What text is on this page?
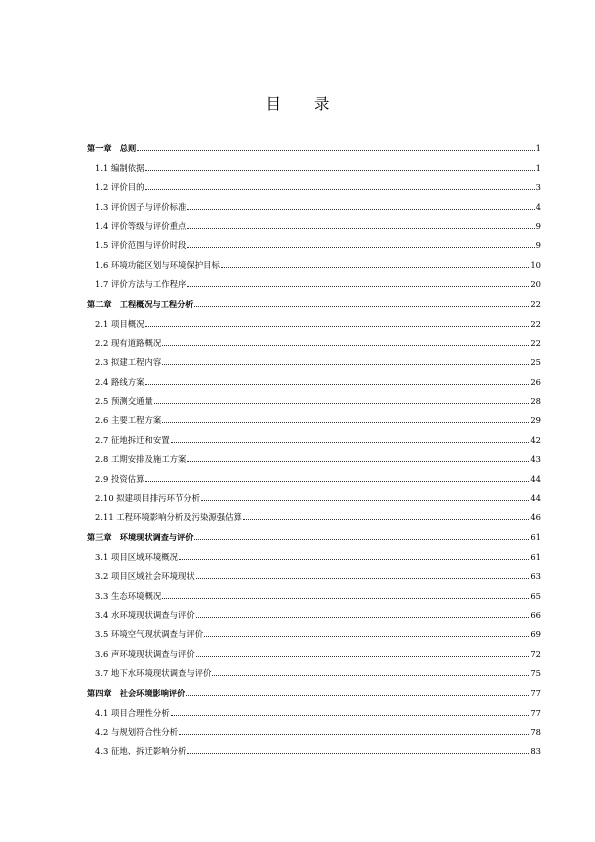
目 录
第一章　总则	1
1.1 编制依据	1
1.2 评价目的	3
1.3 评价因子与评价标准	4
1.4 评价等级与评价重点	9
1.5 评价范围与评价时段	9
1.6 环境功能区划与环境保护目标	10
1.7 评价方法与工作程序	20
第二章　工程概况与工程分析	22
2.1 项目概况	22
2.2 现有道路概况	22
2.3 拟建工程内容	25
2.4 路线方案	26
2.5 预测交通量	28
2.6 主要工程方案	29
2.7 征地拆迁和安置	42
2.8 工期安排及施工方案	43
2.9 投资估算	44
2.10 拟建项目排污环节分析	44
2.11 工程环境影响分析及污染源强估算	46
第三章　环境现状调查与评价	61
3.1 项目区域环境概况	61
3.2 项目区域社会环境现状	63
3.3 生态环境概况	65
3.4 水环境现状调查与评价	66
3.5 环境空气现状调查与评价	69
3.6 声环境现状调查与评价	72
3.7 地下水环境现状调查与评价	75
第四章　社会环境影响评价	77
4.1 项目合理性分析	77
4.2 与规划符合性分析	78
4.3 征地、拆迁影响分析	83
